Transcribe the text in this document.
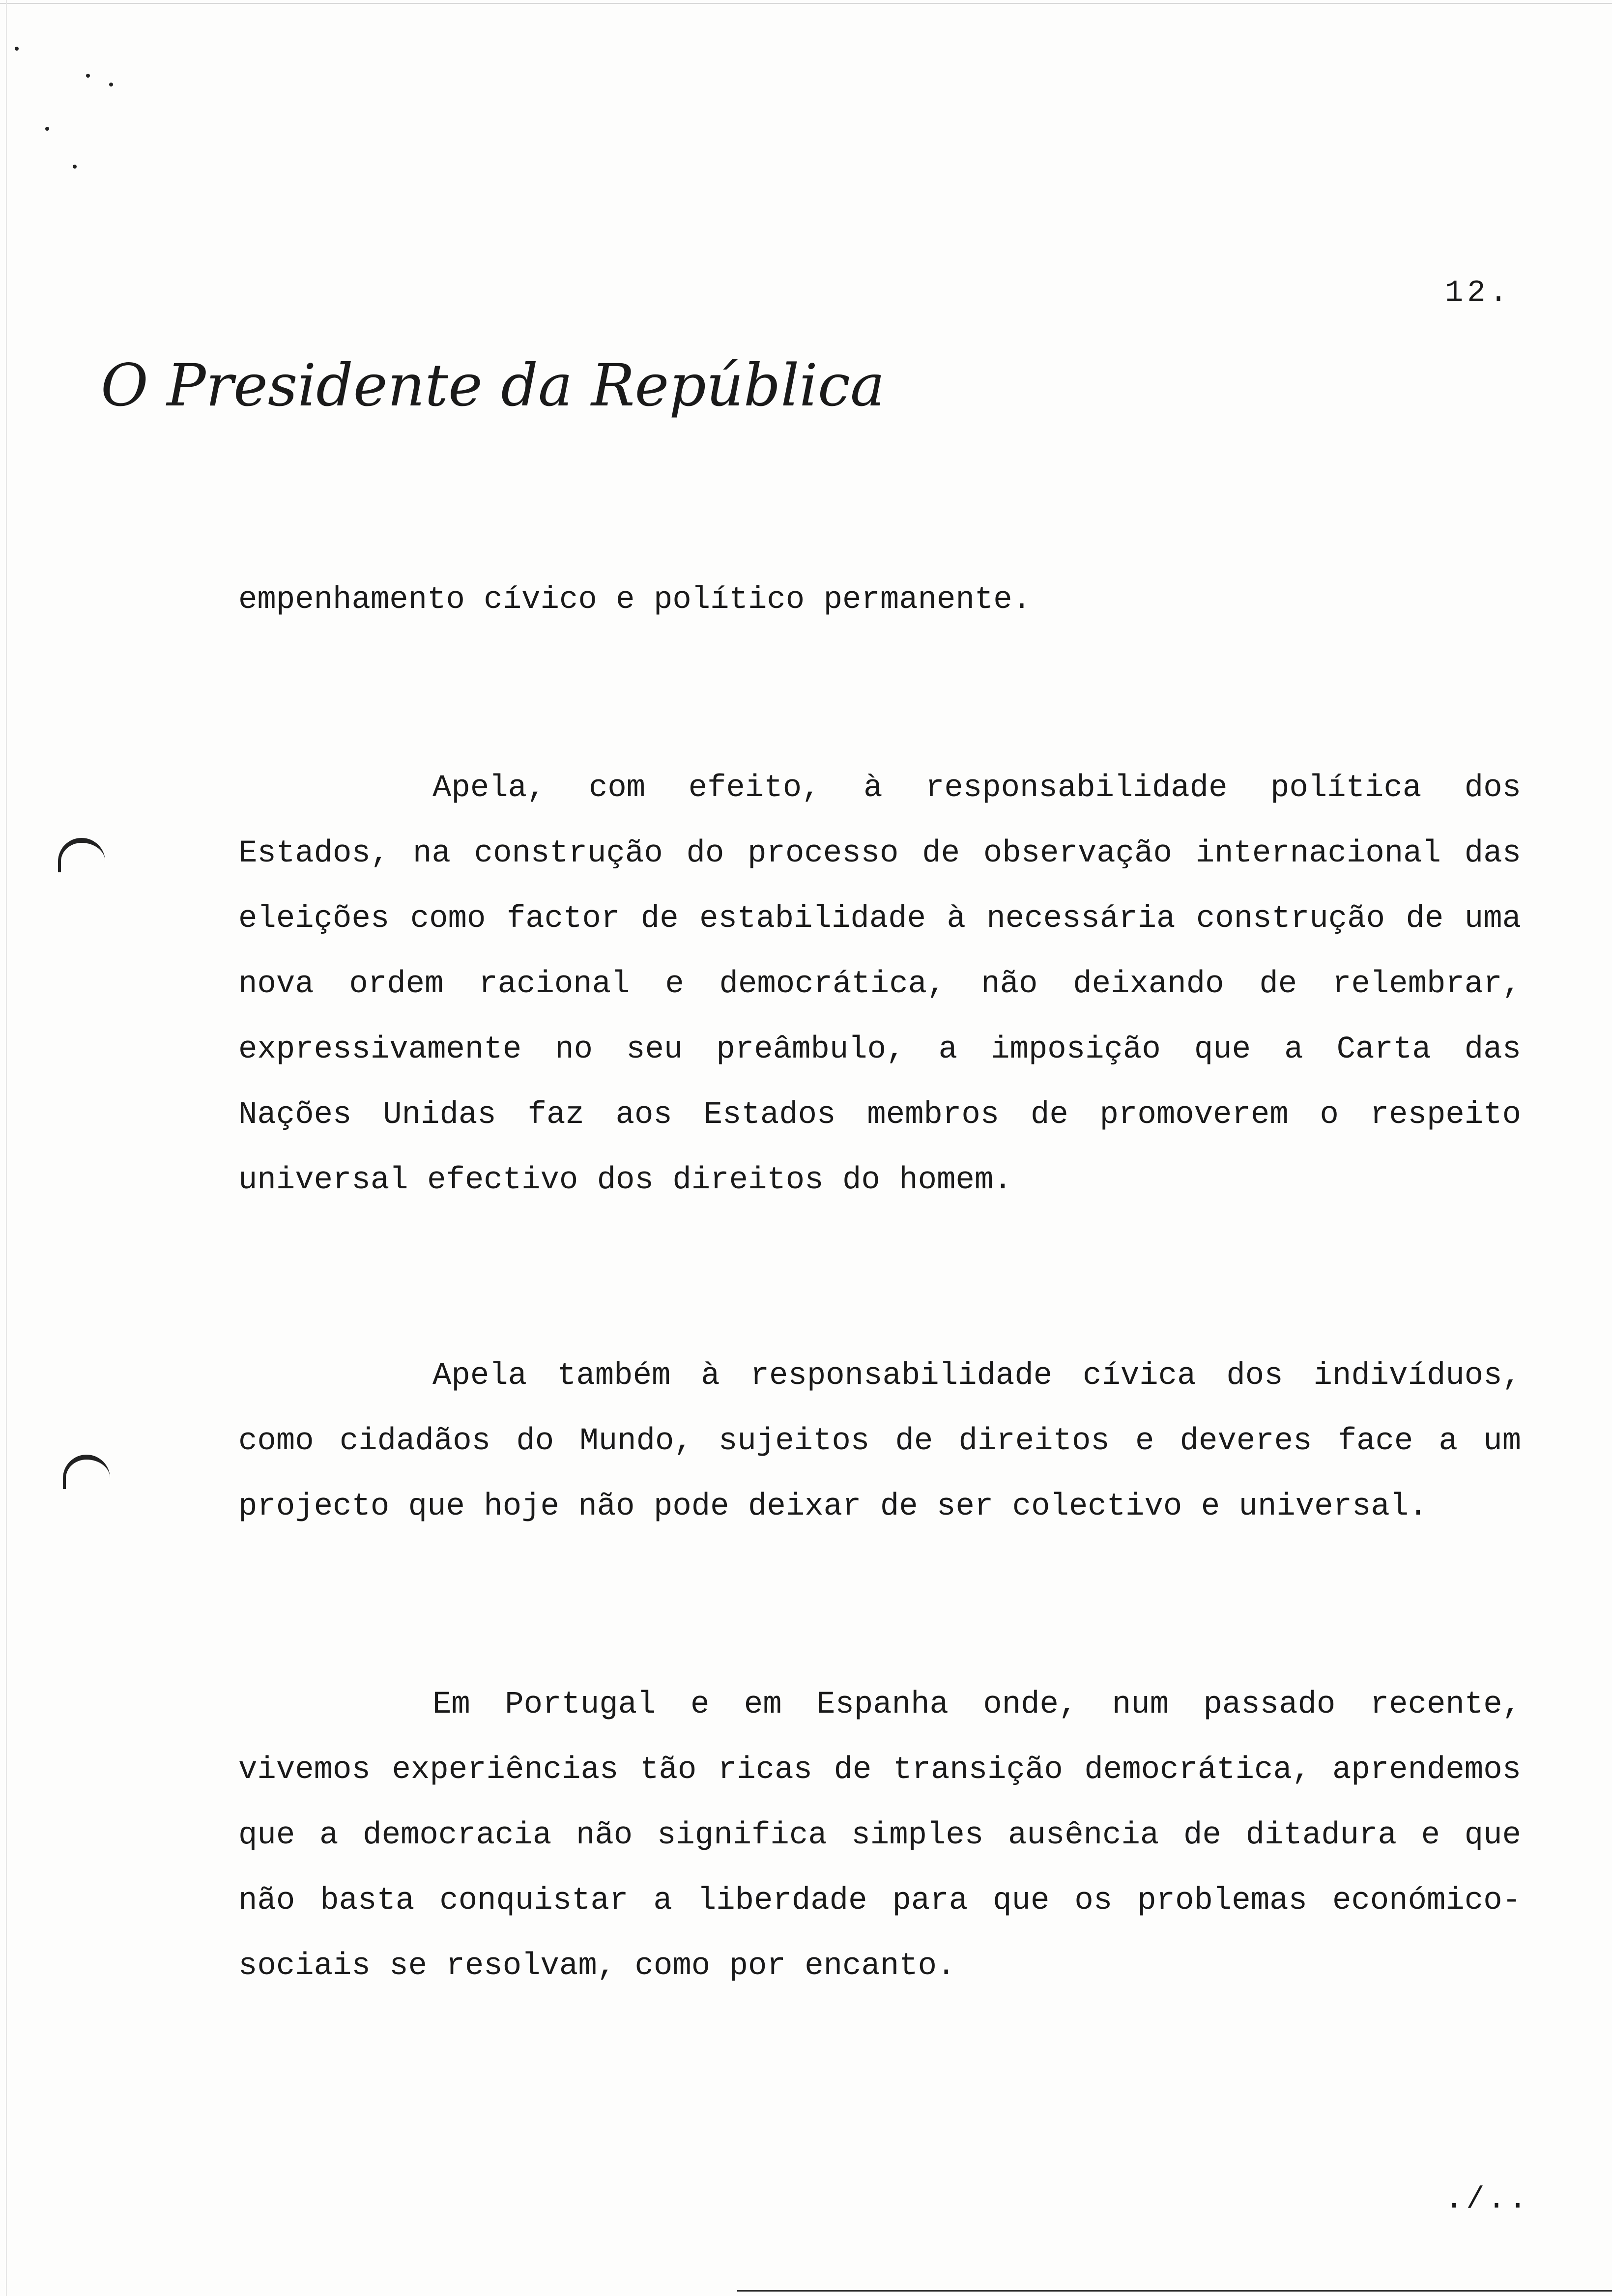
12.
O Presidente da República

empenhamento cívico e político permanente.

Apela, com efeito, à responsabilidade política dos Estados, na construção do processo de observação internacional das eleições como factor de estabilidade à necessária construção de uma nova ordem racional e democrática, não deixando de relembrar, expressivamente no seu preâmbulo, a imposição que a Carta das Nações Unidas faz aos Estados membros de promoverem o respeito universal efectivo dos direitos do homem.

Apela também à responsabilidade cívica dos indivíduos, como cidadãos do Mundo, sujeitos de direitos e deveres face a um projecto que hoje não pode deixar de ser colectivo e universal.

Em Portugal e em Espanha onde, num passado recente, vivemos experiências tão ricas de transição democrática, aprendemos que a democracia não significa simples ausência de ditadura e que não basta conquistar a liberdade para que os problemas económico-sociais se resolvam, como por encanto.

./..
